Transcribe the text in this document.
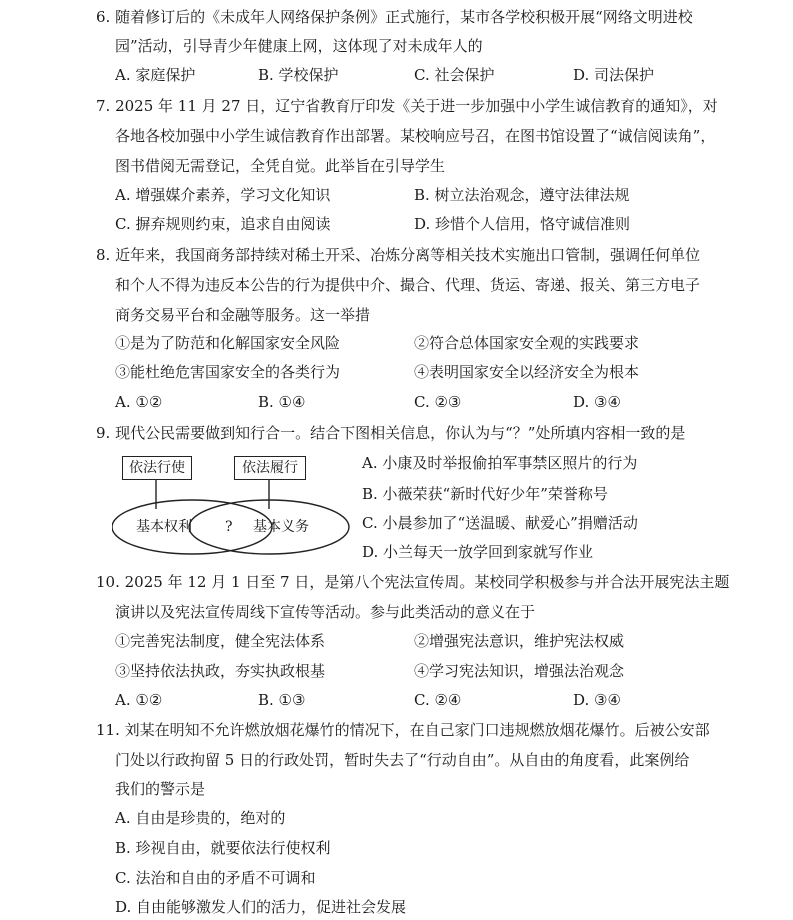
6. 随着修订后的《未成年人网络保护条例》正式施行，某市各学校积极开展“网络文明进校
园”活动，引导青少年健康上网，这体现了对未成年人的
A. 家庭保护	B. 学校保护	C. 社会保护	D. 司法保护
7. 2025 年 11 月 27 日，辽宁省教育厅印发《关于进一步加强中小学生诚信教育的通知》，对
各地各校加强中小学生诚信教育作出部署。某校响应号召，在图书馆设置了“诚信阅读角”，
图书借阅无需登记，全凭自觉。此举旨在引导学生
A. 增强媒介素养，学习文化知识	B. 树立法治观念，遵守法律法规
C. 摒弃规则约束，追求自由阅读	D. 珍惜个人信用，恪守诚信准则
8. 近年来，我国商务部持续对稀土开采、冶炼分离等相关技术实施出口管制，强调任何单位
和个人不得为违反本公告的行为提供中介、撮合、代理、货运、寄递、报关、第三方电子
商务交易平台和金融等服务。这一举措
①是为了防范和化解国家安全风险	②符合总体国家安全观的实践要求
③能杜绝危害国家安全的各类行为	④表明国家安全以经济安全为根本
A. ①②	B. ①④	C. ②③	D. ③④
9. 现代公民需要做到知行合一。结合下图相关信息，你认为与“？”处所填内容相一致的是
依法行使	依法履行
基本权利 ? 基本义务
A. 小康及时举报偷拍军事禁区照片的行为
B. 小薇荣获“新时代好少年”荣誉称号
C. 小晨参加了“送温暖、献爱心”捐赠活动
D. 小兰每天一放学回到家就写作业
10. 2025 年 12 月 1 日至 7 日，是第八个宪法宣传周。某校同学积极参与并合法开展宪法主题
演讲以及宪法宣传周线下宣传等活动。参与此类活动的意义在于
①完善宪法制度，健全宪法体系	②增强宪法意识，维护宪法权威
③坚持依法执政，夯实执政根基	④学习宪法知识，增强法治观念
A. ①②	B. ①③	C. ②④	D. ③④
11. 刘某在明知不允许燃放烟花爆竹的情况下，在自己家门口违规燃放烟花爆竹。后被公安部
门处以行政拘留 5 日的行政处罚，暂时失去了“行动自由”。从自由的角度看，此案例给
我们的警示是
A. 自由是珍贵的，绝对的
B. 珍视自由，就要依法行使权利
C. 法治和自由的矛盾不可调和
D. 自由能够激发人们的活力，促进社会发展
